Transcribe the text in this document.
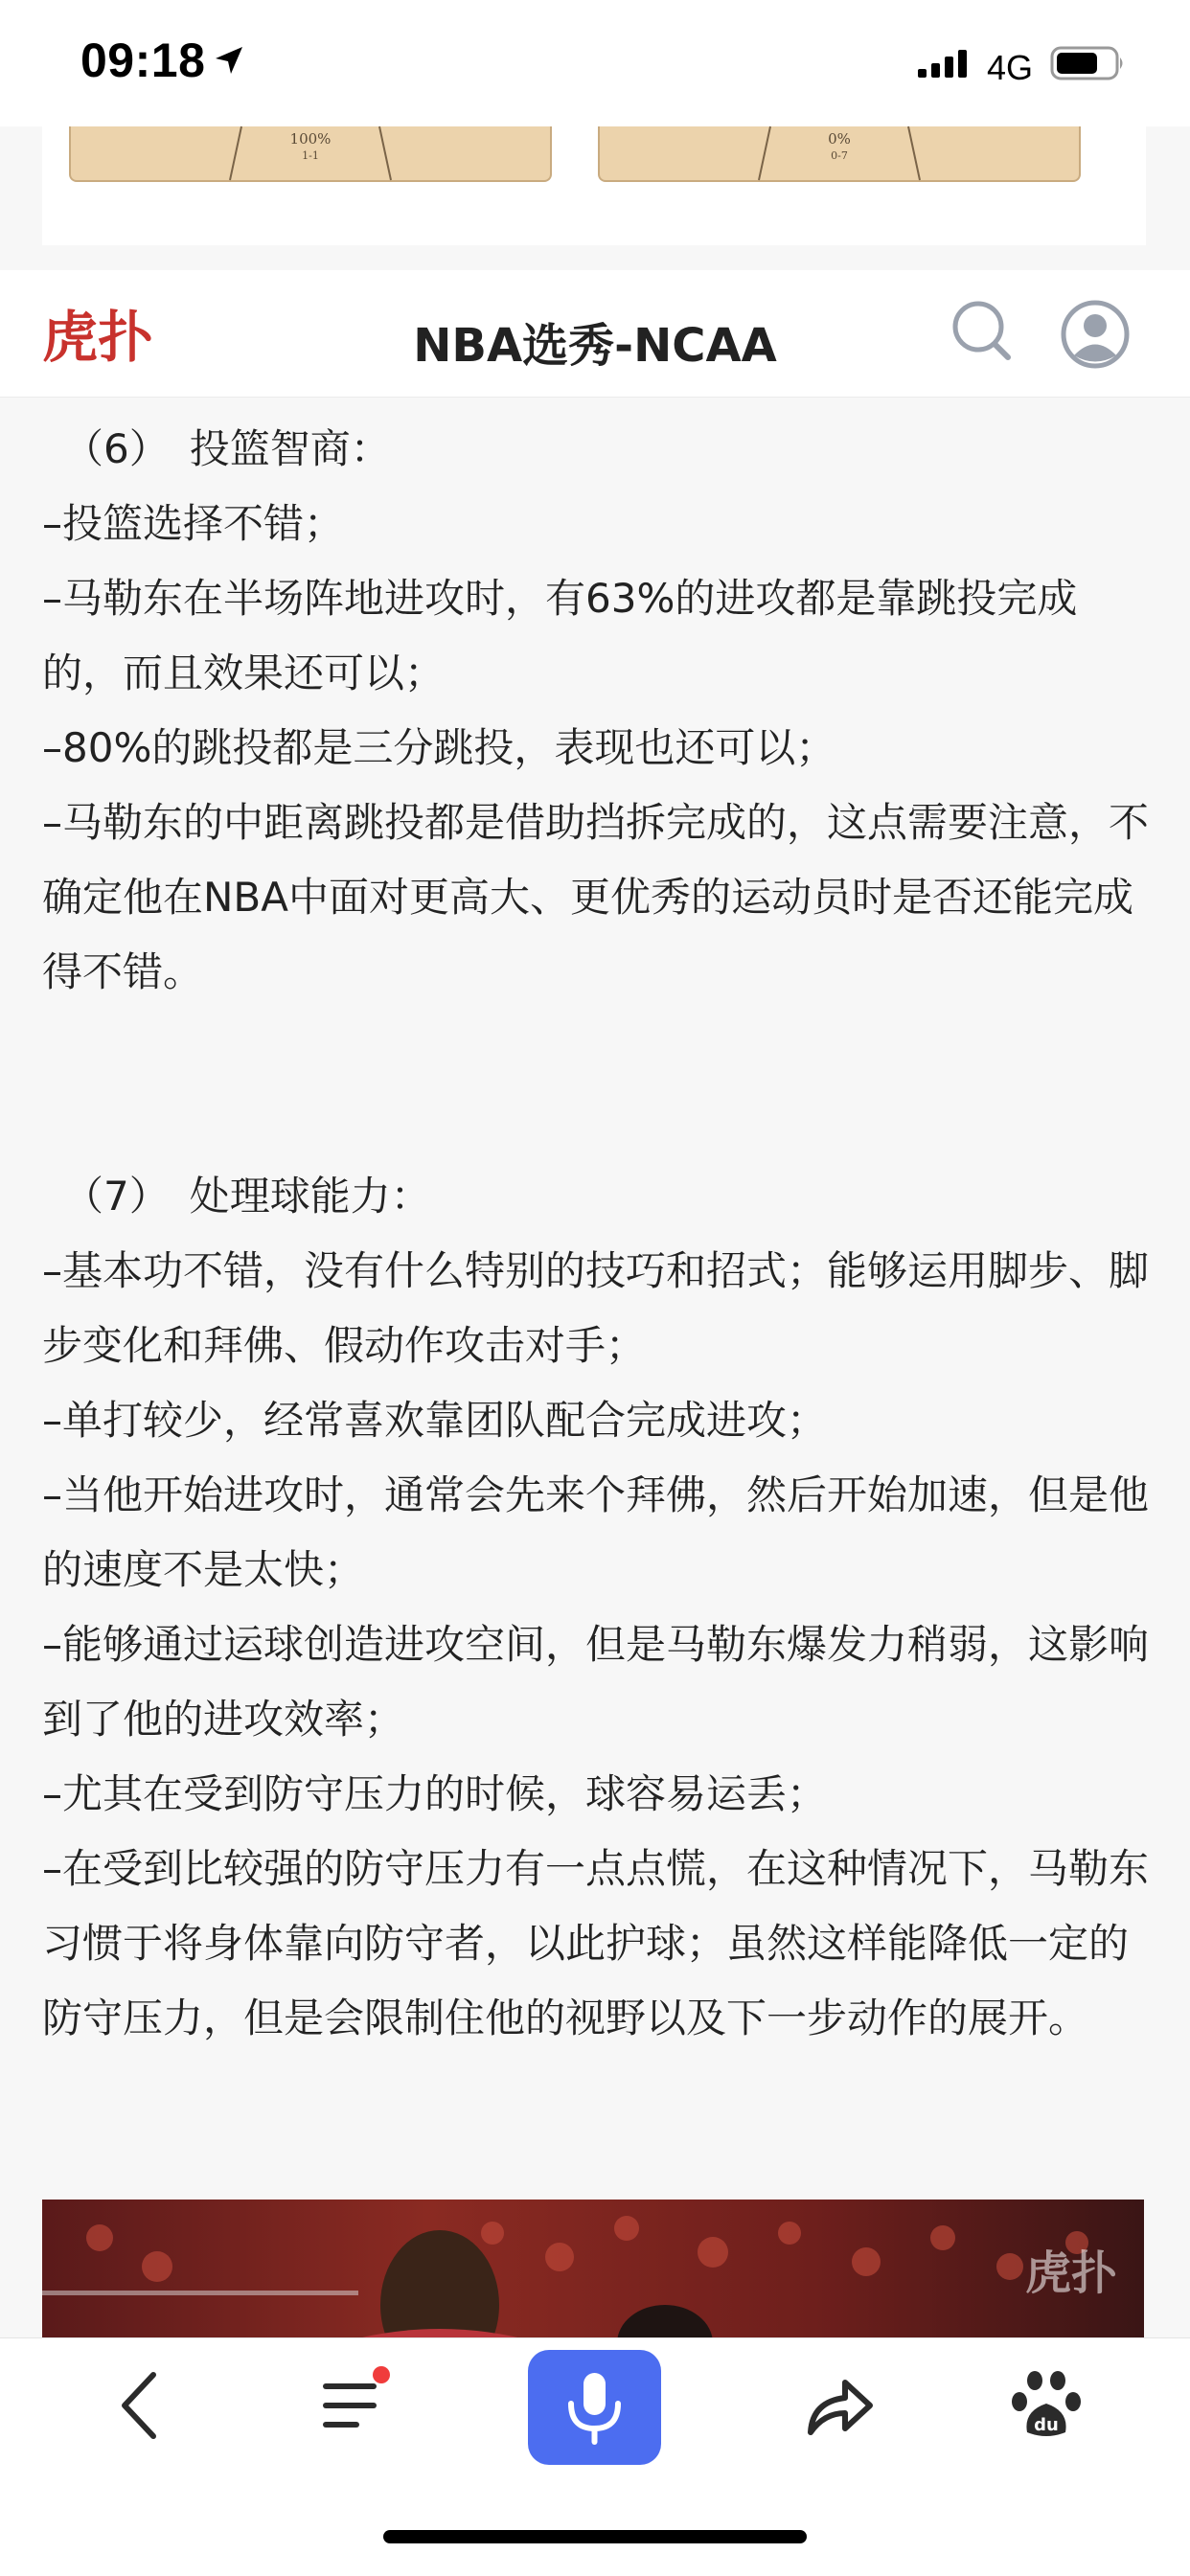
09:18	4G
100%
1-1
0%
0-7
虎扑	NBA选秀-NCAA

（6）　投篮智商：

–投篮选择不错；

–马勒东在半场阵地进攻时，有63%的进攻都是靠跳投完成的，而且效果还可以；

–80%的跳投都是三分跳投，表现也还可以；

–马勒东的中距离跳投都是借助挡拆完成的，这点需要注意，不确定他在NBA中面对更高大、更优秀的运动员时是否还能完成得不错。

（7）　处理球能力：

–基本功不错，没有什么特别的技巧和招式；能够运用脚步、脚步变化和拜佛、假动作攻击对手；

–单打较少，经常喜欢靠团队配合完成进攻；

–当他开始进攻时，通常会先来个拜佛，然后开始加速，但是他的速度不是太快；

–能够通过运球创造进攻空间，但是马勒东爆发力稍弱，这影响到了他的进攻效率；

–尤其在受到防守压力的时候，球容易运丢；

–在受到比较强的防守压力有一点点慌，在这种情况下，马勒东习惯于将身体靠向防守者，以此护球；虽然这样能降低一定的防守压力，但是会限制住他的视野以及下一步动作的展开。

虎扑
du
